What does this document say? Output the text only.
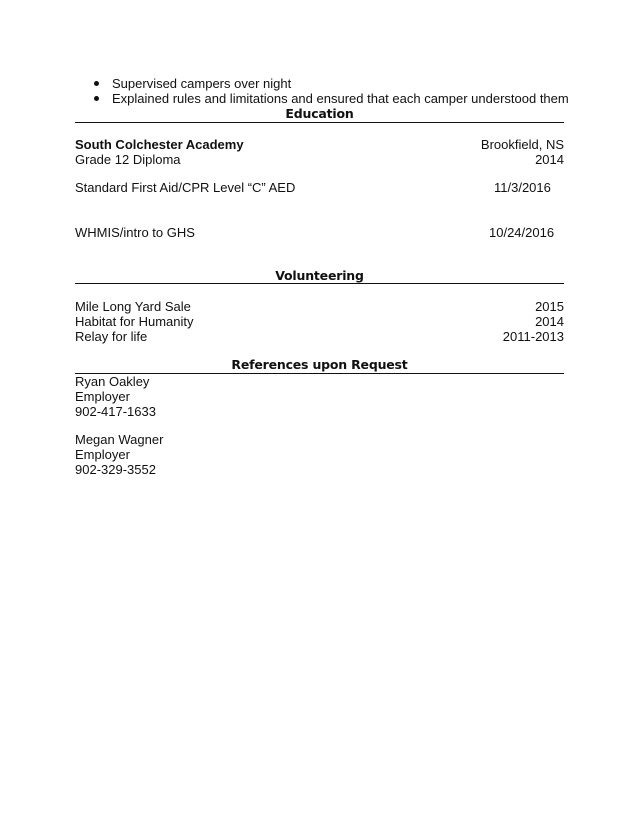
Supervised campers over night
Explained rules and limitations and ensured that each camper understood them
Education
South Colchester Academy	Brookfield, NS
Grade 12 Diploma	2014
Standard First Aid/CPR Level “C” AED	11/3/2016
WHMIS/intro to GHS	10/24/2016
Volunteering
Mile Long Yard Sale	2015
Habitat for Humanity	2014
Relay for life	2011-2013
References upon Request
Ryan Oakley
Employer
902-417-1633
Megan Wagner
Employer
902-329-3552
